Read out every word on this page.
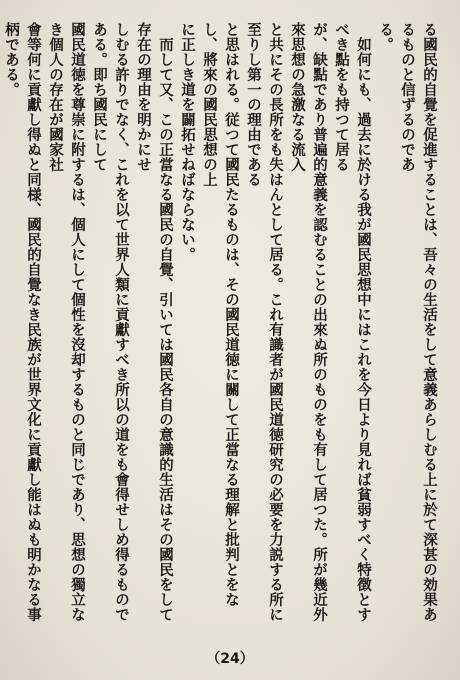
る國民的自覺を促進することは、吾々の生活をして意義あらしむる上に於て深甚の効果あるものと信ずるのであ

る。

　如何にも、過去に於ける我が國民思想中にはこれを今日より見れば貧弱すべく特徴とすべき點をも持つて居る

が、缺點であり普遍的意義を認むることの出來ぬ所のものをも有して居つた。所が幾近外來思想の急激なる流入

と共にその長所をも失はんとして居る。これ有識者が國民道徳研究の必要を力説する所に至りし第一の理由である

と思はれる。従つて國民たるものは、その國民道徳に關して正當なる理解と批判とをなし、將來の國民思想の上

に正しき道を闢拓せねばならない。

　而して又、この正當なる國民の自覺、引いては國民各自の意識的生活はその國民をして存在の理由を明かにせ

しむる許りでなく、これを以て世界人類に貢獻すべき所以の道をも會得せしめ得るものである。即ち國民にして

國民道徳を尊崇に附するは、個人にして個性を沒却するものと同じであり、思想の獨立なき個人の存在が國家社

會等何に貢獻し得ぬと同様、國民的自覺なき民族が世界文化に貢獻し能はぬも明かなる事柄である。

（24）
